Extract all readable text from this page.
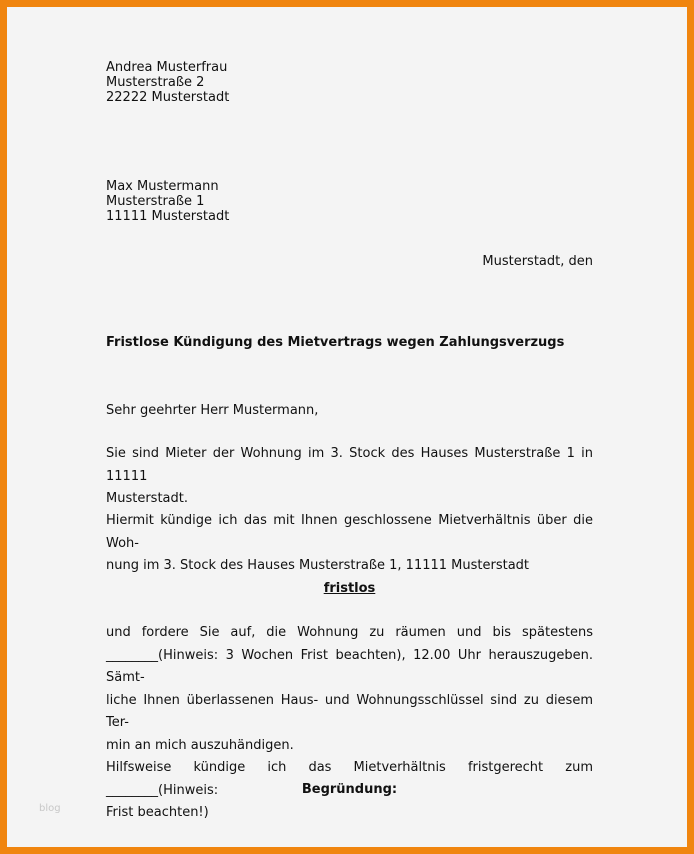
Andrea Musterfrau
Musterstraße 2
22222 Musterstadt
Max Mustermann
Musterstraße 1
11111 Musterstadt
Musterstadt, den
Fristlose Kündigung des Mietvertrags wegen Zahlungsverzugs
Sehr geehrter Herr Mustermann,
Sie sind Mieter der Wohnung im 3. Stock des Hauses Musterstraße 1 in 11111
Musterstadt.
Hiermit kündige ich das mit Ihnen geschlossene Mietverhältnis über die Woh-
nung im 3. Stock des Hauses Musterstraße 1, 11111 Musterstadt
fristlos
und fordere Sie auf, die Wohnung zu räumen und bis spätestens
________(Hinweis: 3 Wochen Frist beachten), 12.00 Uhr herauszugeben. Sämt-
liche Ihnen überlassenen Haus- und Wohnungsschlüssel sind zu diesem Ter-
min an mich auszuhändigen.
Hilfsweise kündige ich das Mietverhältnis fristgerecht zum ________(Hinweis:
Frist beachten!)
Begründung:
blog
